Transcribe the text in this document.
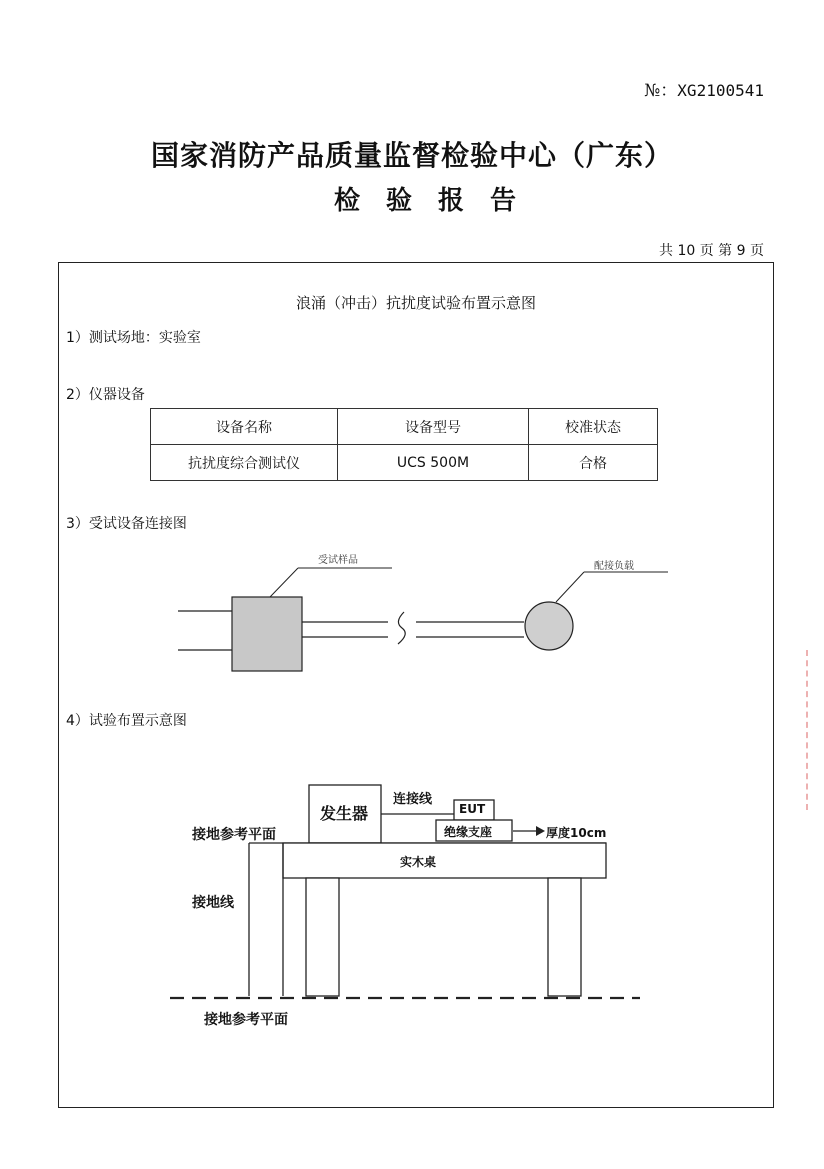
№：XG2100541
国家消防产品质量监督检验中心（广东）
检验报告
共 10 页 第 9 页
浪涌（冲击）抗扰度试验布置示意图
1）测试场地：实验室
2）仪器设备
设备名称	设备型号	校准状态
抗扰度综合测试仪	UCS 500M	合格
3）受试设备连接图
受试样品
配接负载
4）试验布置示意图
发生器
连接线
EUT
绝缘支座	厚度10cm
接地参考平面
实木桌
接地线
接地参考平面
